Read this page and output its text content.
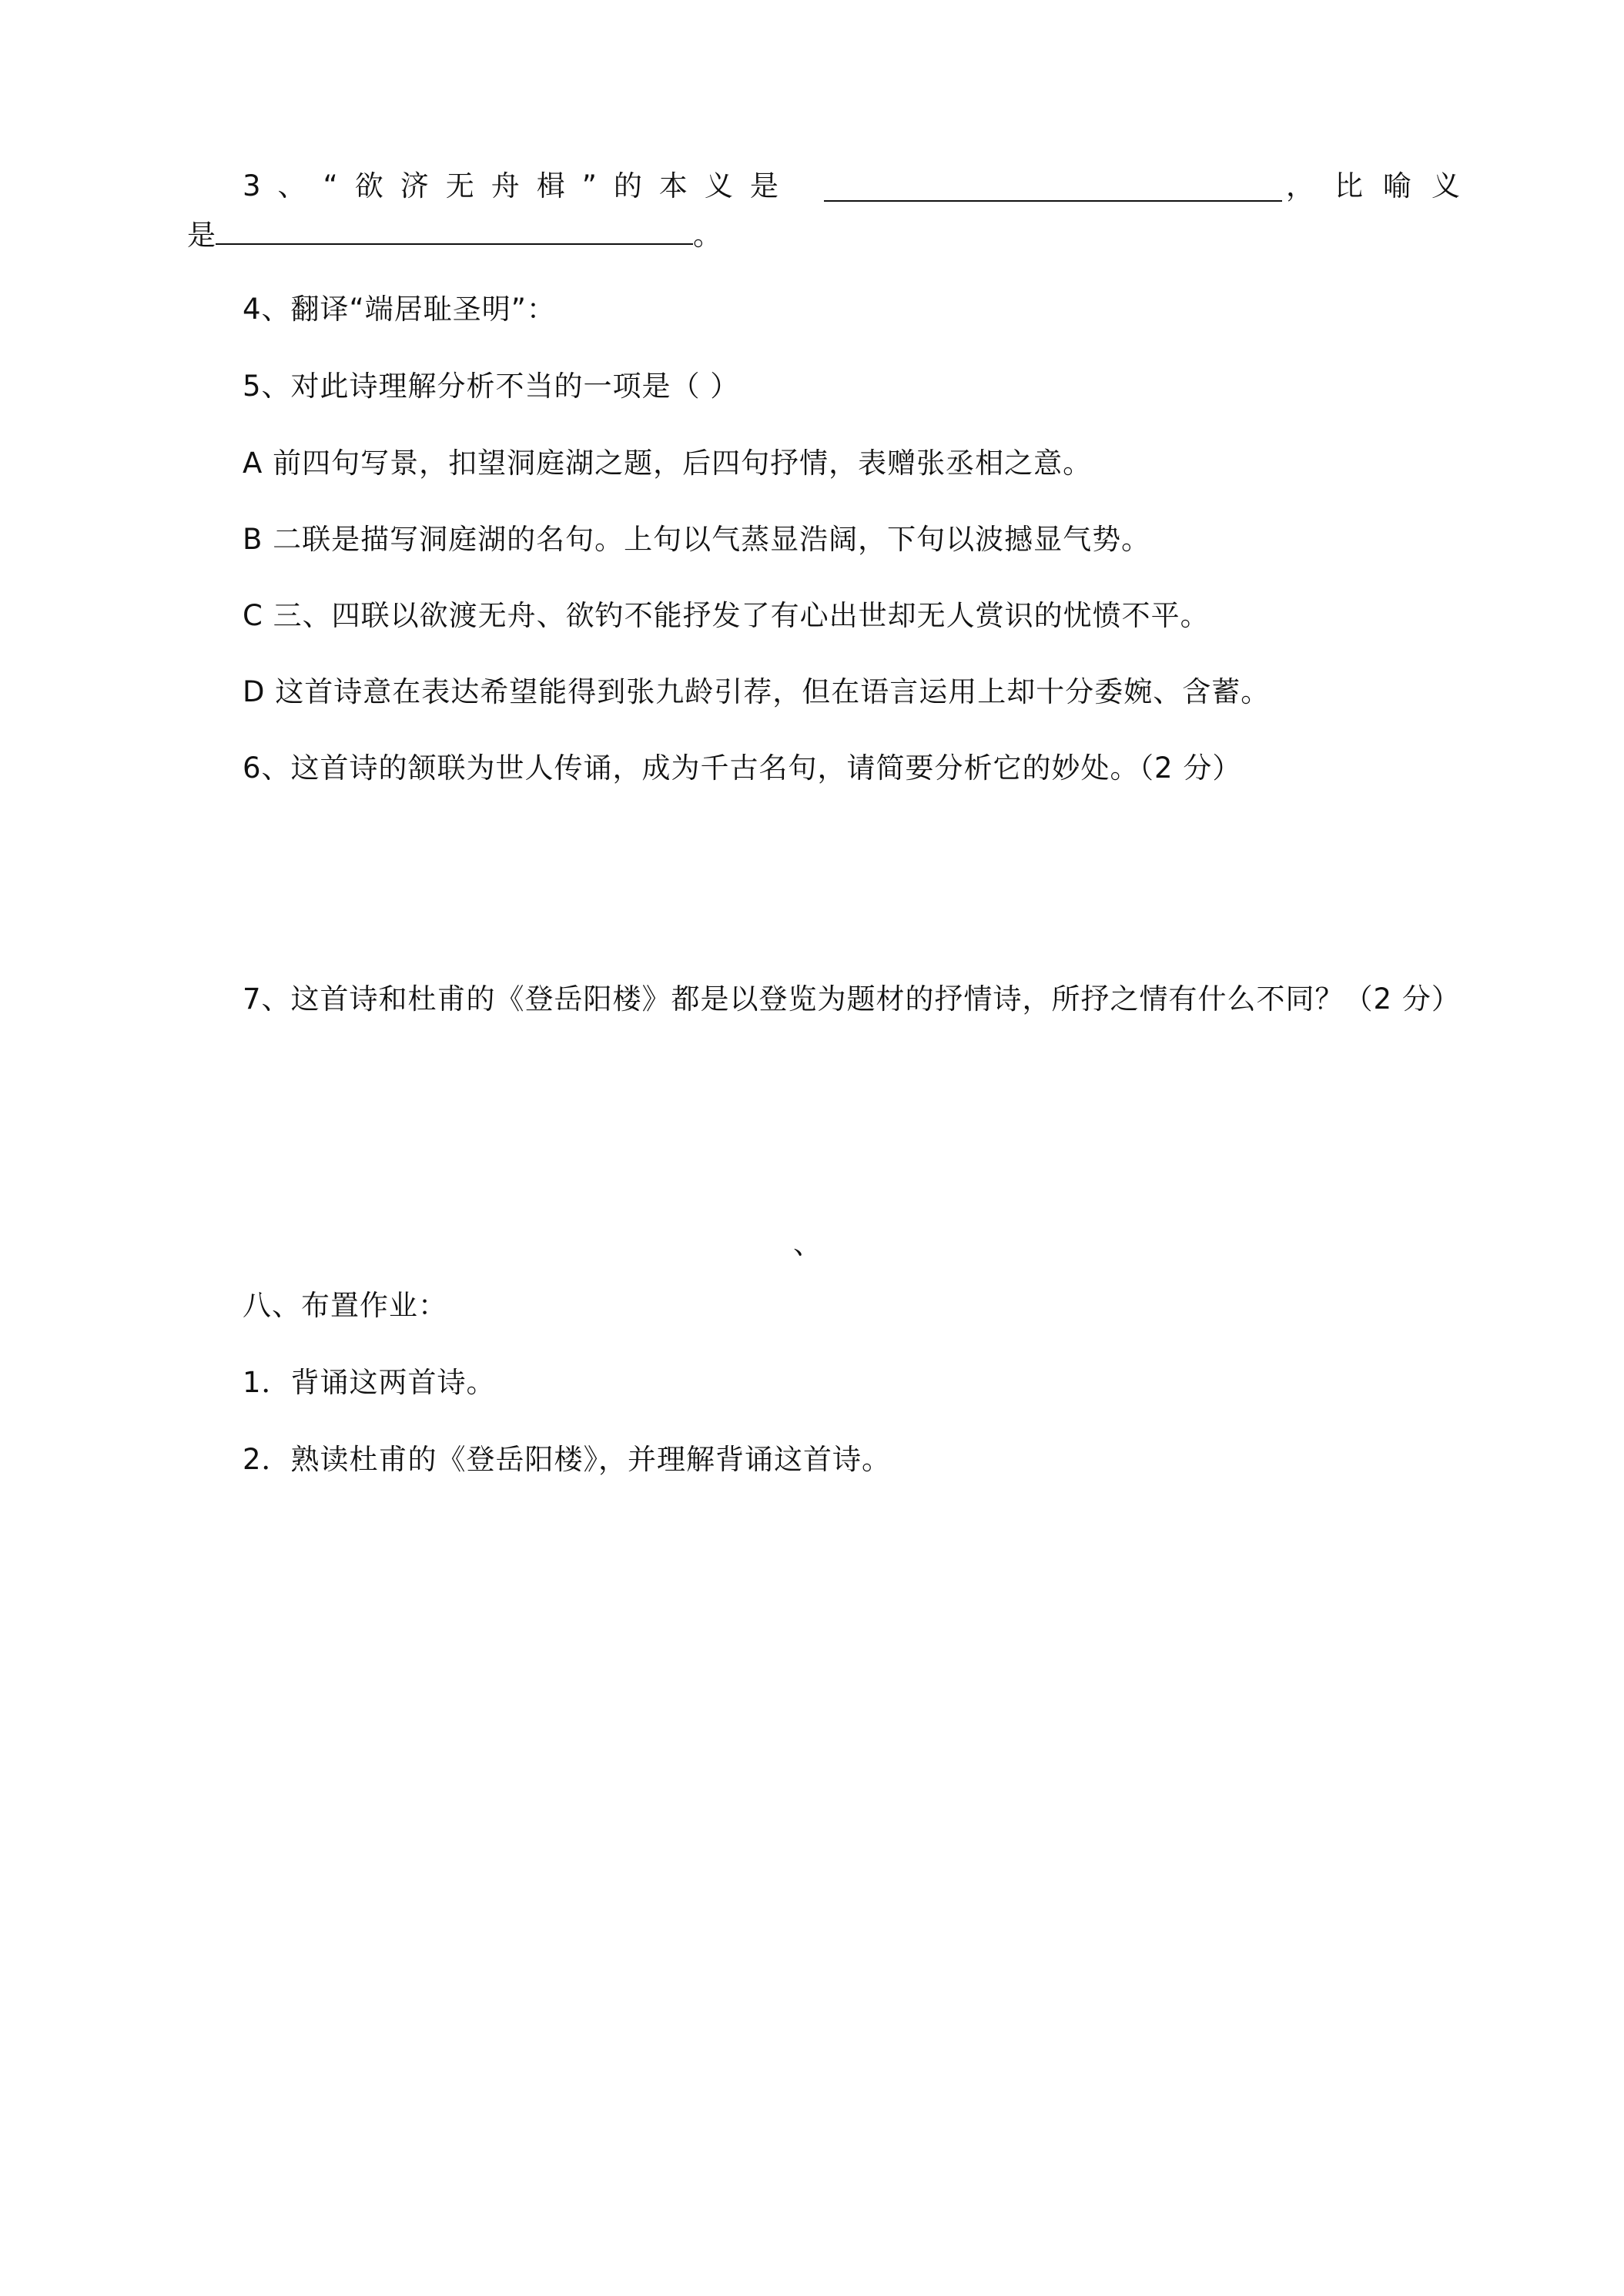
3、“欲济无舟楫”的本义是	，比喻义
是	。
4、翻译“端居耻圣明”：
5、对此诗理解分析不当的一项是（ ）
A 前四句写景，扣望洞庭湖之题，后四句抒情，表赠张丞相之意。
B 二联是描写洞庭湖的名句。上句以气蒸显浩阔，下句以波撼显气势。
C 三、四联以欲渡无舟、欲钓不能抒发了有心出世却无人赏识的忧愤不平。
D 这首诗意在表达希望能得到张九龄引荐，但在语言运用上却十分委婉、含蓄。
6、这首诗的颔联为世人传诵，成为千古名句，请简要分析它的妙处。（2 分）
7、这首诗和杜甫的《登岳阳楼》都是以登览为题材的抒情诗，所抒之情有什么不同？（2 分）
、
八、布置作业：
1．背诵这两首诗。
2．熟读杜甫的《登岳阳楼》，并理解背诵这首诗。
